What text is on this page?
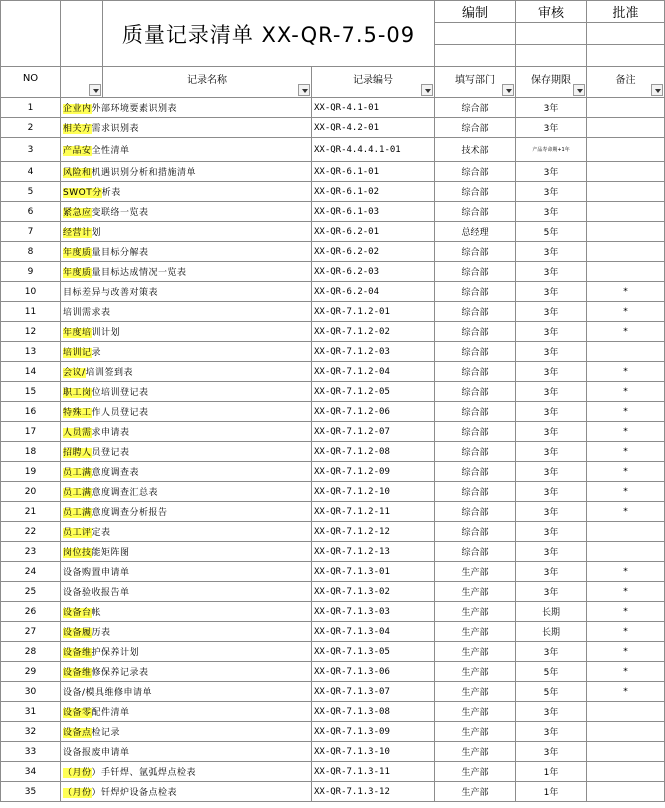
		质量记录清单 XX-QR-7.5-09		编制	审核	批准

NO		记录名称	记录编号	填写部门	保存期限	备注

1	企业内外部环境要素识别表		XX-QR-4.1-01	综合部	3年	
2	相关方需求识别表		XX-QR-4.2-01	综合部	3年	
3	产品安全性清单		XX-QR-4.4.4.1-01	技术部	产品寿命期+1年	
4	风险和机遇识别分析和措施清单		XX-QR-6.1-01	综合部	3年	
5	SWOT分析表		XX-QR-6.1-02	综合部	3年	
6	紧急应变联络一览表		XX-QR-6.1-03	综合部	3年	
7	经营计划		XX-QR-6.2-01	总经理	5年	
8	年度质量目标分解表		XX-QR-6.2-02	综合部	3年	
9	年度质量目标达成情况一览表		XX-QR-6.2-03	综合部	3年	
10	目标差异与改善对策表		XX-QR-6.2-04	综合部	3年	*
11	培训需求表		XX-QR-7.1.2-01	综合部	3年	*
12	年度培训计划		XX-QR-7.1.2-02	综合部	3年	*
13	培训记录		XX-QR-7.1.2-03	综合部	3年	
14	会议/培训签到表		XX-QR-7.1.2-04	综合部	3年	*
15	职工岗位培训登记表		XX-QR-7.1.2-05	综合部	3年	*
16	特殊工作人员登记表		XX-QR-7.1.2-06	综合部	3年	*
17	人员需求申请表		XX-QR-7.1.2-07	综合部	3年	*
18	招聘人员登记表		XX-QR-7.1.2-08	综合部	3年	*
19	员工满意度调查表		XX-QR-7.1.2-09	综合部	3年	*
20	员工满意度调查汇总表		XX-QR-7.1.2-10	综合部	3年	*
21	员工满意度调查分析报告		XX-QR-7.1.2-11	综合部	3年	*
22	员工评定表		XX-QR-7.1.2-12	综合部	3年	
23	岗位技能矩阵图		XX-QR-7.1.2-13	综合部	3年	
24	设备购置申请单		XX-QR-7.1.3-01	生产部	3年	*
25	设备验收报告单		XX-QR-7.1.3-02	生产部	3年	*
26	设备台帐		XX-QR-7.1.3-03	生产部	长期	*
27	设备履历表		XX-QR-7.1.3-04	生产部	长期	*
28	设备维护保养计划		XX-QR-7.1.3-05	生产部	3年	*
29	设备维修保养记录表		XX-QR-7.1.3-06	生产部	5年	*
30	设备/模具维修申请单		XX-QR-7.1.3-07	生产部	5年	*
31	设备零配件清单		XX-QR-7.1.3-08	生产部	3年	
32	设备点检记录		XX-QR-7.1.3-09	生产部	3年	
33	设备报废申请单		XX-QR-7.1.3-10	生产部	3年	
34	（月份）手钎焊、氩弧焊点检表		XX-QR-7.1.3-11	生产部	1年	
35	（月份）钎焊炉设备点检表		XX-QR-7.1.3-12	生产部	1年	
